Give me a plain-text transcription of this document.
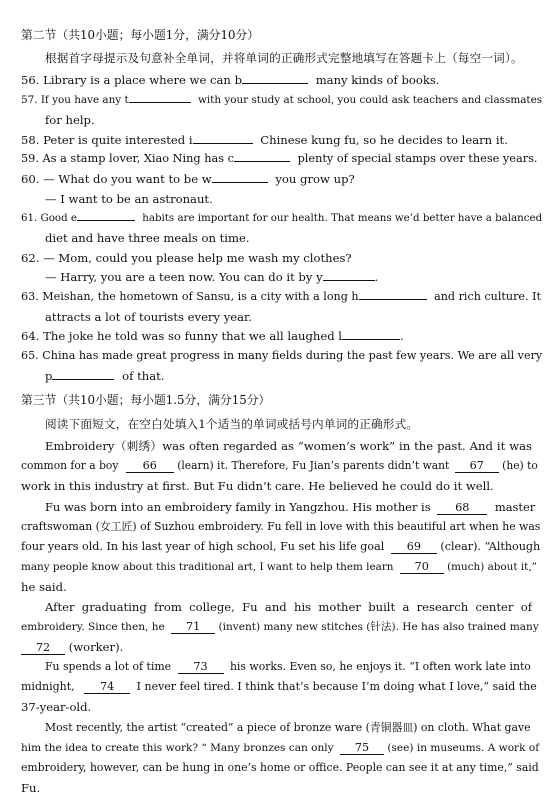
第二节（共10小题；每小题1分，满分10分）
根据首字母提示及句意补全单词，并将单词的正确形式完整地填写在答题卡上（每空一词）。
56. Library is a place where we can b	many kinds of books.
57. If you have any t	with your study at school, you could ask teachers and classmates
for help.
58. Peter is quite interested i	Chinese kung fu, so he decides to learn it.
59. As a stamp lover, Xiao Ning has c	plenty of special stamps over these years.
60. — What do you want to be w	you grow up?
— I want to be an astronaut.
61. Good e	habits are important for our health. That means we’d better have a balanced
diet and have three meals on time.
62. — Mom, could you please help me wash my clothes?
— Harry, you are a teen now. You can do it by y	.
63. Meishan, the hometown of Sansu, is a city with a long h	and rich culture. It
attracts a lot of tourists every year.
64. The joke he told was so funny that we all laughed l	.
65. China has made great progress in many fields during the past few years. We are all very
p	of that.
第三节（共10小题；每小题1.5分，满分15分）
阅读下面短文，在空白处填入1个适当的单词或括号内单词的正确形式。
Embroidery（刺绣）was often regarded as “women’s work” in the past. And it was
common for a boy 66 (learn) it. Therefore, Fu Jian’s parents didn’t want 67 (he) to
work in this industry at first. But Fu didn’t care. He believed he could do it well.
Fu was born into an embroidery family in Yangzhou. His mother is 68 master
craftswoman (女工匠) of Suzhou embroidery. Fu fell in love with this beautiful art when he was
four years old. In his last year of high school, Fu set his life goal 69 (clear). “Although
many people know about this traditional art, I want to help them learn 70 (much) about it,”
he said.
After graduating from college, Fu and his mother built a research center of
embroidery. Since then, he 71 (invent) many new stitches (针法). He has also trained many
72 (worker).
Fu spends a lot of time 73 his works. Even so, he enjoys it. “I often work late into
midnight, 74 I never feel tired. I think that’s because I’m doing what I love,” said the
37-year-old.
Most recently, the artist “created” a piece of bronze ware (青铜器皿) on cloth. What gave
him the idea to create this work? “ Many bronzes can only 75 (see) in museums. A work of
embroidery, however, can be hung in one’s home or office. People can see it at any time,” said
Fu.
